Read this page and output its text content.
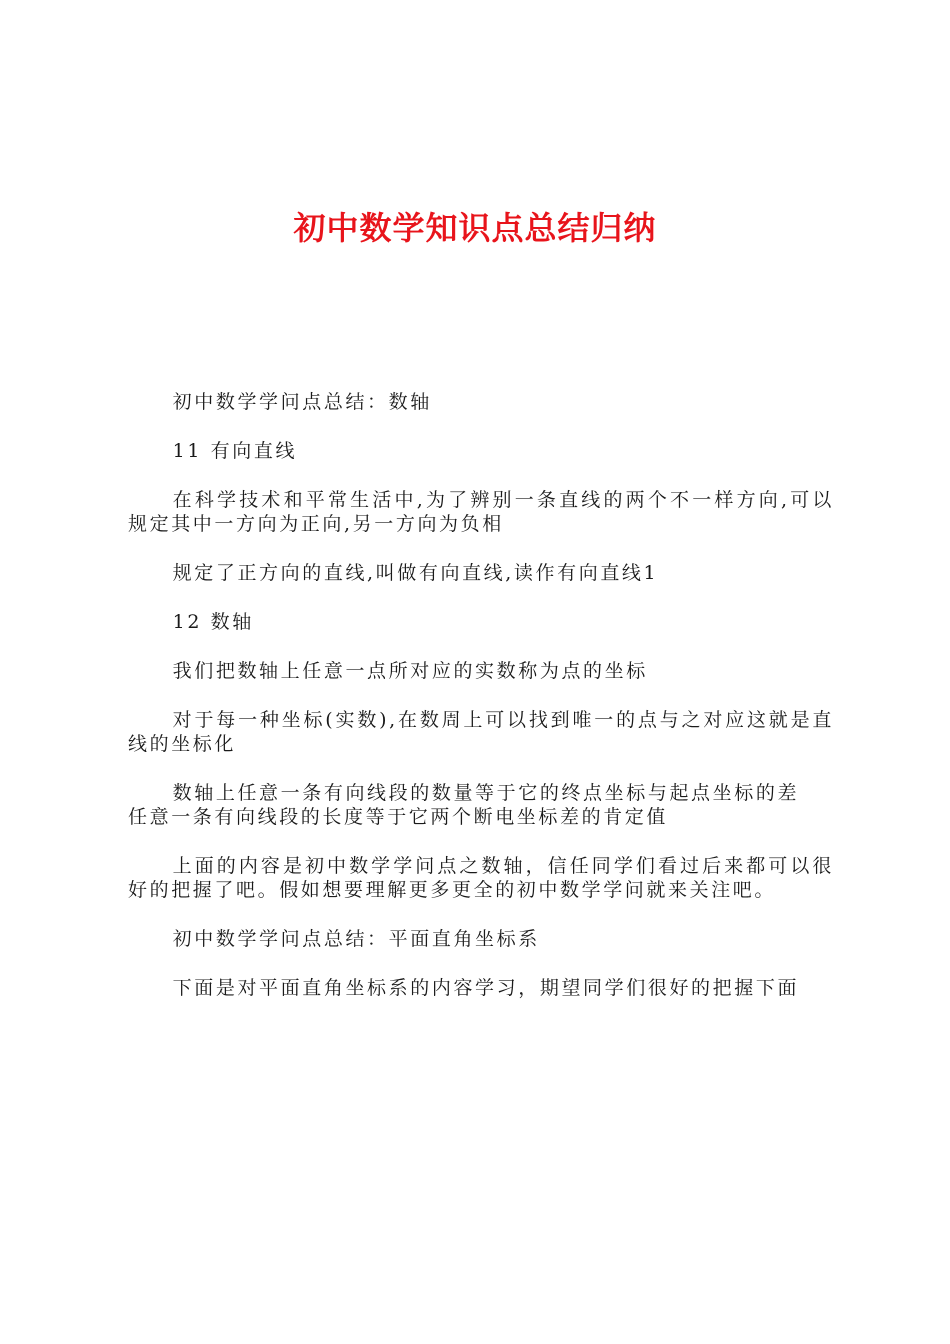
初中数学知识点总结归纳

初中数学学问点总结：数轴

11 有向直线

在科学技术和平常生活中,为了辨别一条直线的两个不一样方向,可以规定其中一方向为正向,另一方向为负相

规定了正方向的直线,叫做有向直线,读作有向直线1

12 数轴

我们把数轴上任意一点所对应的实数称为点的坐标

对于每一种坐标(实数),在数周上可以找到唯一的点与之对应这就是直线的坐标化

数轴上任意一条有向线段的数量等于它的终点坐标与起点坐标的差

任意一条有向线段的长度等于它两个断电坐标差的肯定值

上面的内容是初中数学学问点之数轴，信任同学们看过后来都可以很好的把握了吧。假如想要理解更多更全的初中数学学问就来关注吧。

初中数学学问点总结：平面直角坐标系

下面是对平面直角坐标系的内容学习，期望同学们很好的把握下面
